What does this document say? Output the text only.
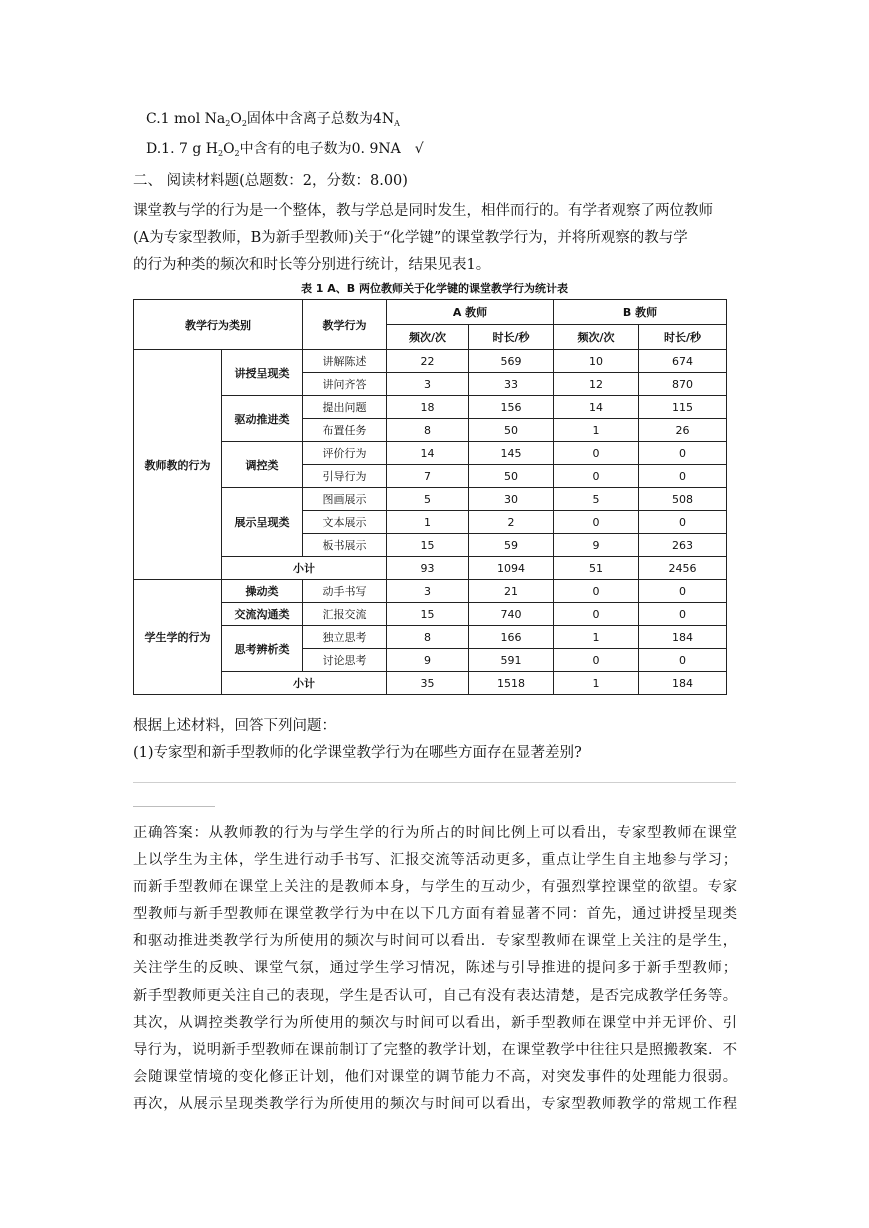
C.1 mol $Na_2O_2$固体中含离子总数为$4N_A$
D.1. 7 g $H_2O_2$中含有的电子数为0. 9NA √
二、 阅读材料题(总题数：2，分数：8.00)
课堂教与学的行为是一个整体，教与学总是同时发生，相伴而行的。有学者观察了两位教师
(A为专家型教师，B为新手型教师)关于“化学键”的课堂教学行为，并将所观察的教与学
的行为种类的频次和时长等分别进行统计，结果见表1。
表 1 A、B 两位教师关于化学键的课堂教学行为统计表
教学行为类别		教学行为	A 教师		B 教师	
			频次/次	时长/秒	频次/次	时长/秒
教师教的行为	讲授呈现类	讲解陈述	22	569	10	674
		讲问齐答	3	33	12	870
	驱动推进类	提出问题	18	156	14	115
		布置任务	8	50	1	26
	调控类	评价行为	14	145	0	0
		引导行为	7	50	0	0
	展示呈现类	图画展示	5	30	5	508
		文本展示	1	2	0	0
		板书展示	15	59	9	263
	小计		93	1094	51	2456
学生学的行为	操动类	动手书写	3	21	0	0
	交流沟通类	汇报交流	15	740	0	0
	思考辨析类	独立思考	8	166	1	184
		讨论思考	9	591	0	0
	小计		35	1518	1	184
根据上述材料，回答下列问题：
(1)专家型和新手型教师的化学课堂教学行为在哪些方面存在显著差别?
正确答案：从教师教的行为与学生学的行为所占的时间比例上可以看出，专家型教师在课堂
上以学生为主体，学生进行动手书写、汇报交流等活动更多，重点让学生自主地参与学习；
而新手型教师在课堂上关注的是教师本身，与学生的互动少，有强烈掌控课堂的欲望。专家
型教师与新手型教师在课堂教学行为中在以下几方面有着显著不同：首先，通过讲授呈现类
和驱动推进类教学行为所使用的频次与时间可以看出．专家型教师在课堂上关注的是学生，
关注学生的反映、课堂气氛，通过学生学习情况，陈述与引导推进的提问多于新手型教师；
新手型教师更关注自己的表现，学生是否认可，自己有没有表达清楚，是否完成教学任务等。
其次，从调控类教学行为所使用的频次与时间可以看出，新手型教师在课堂中并无评价、引
导行为，说明新手型教师在课前制订了完整的教学计划，在课堂教学中往往只是照搬教案．不
会随课堂情境的变化修正计划，他们对课堂的调节能力不高，对突发事件的处理能力很弱。
再次，从展示呈现类教学行为所使用的频次与时间可以看出，专家型教师教学的常规工作程
